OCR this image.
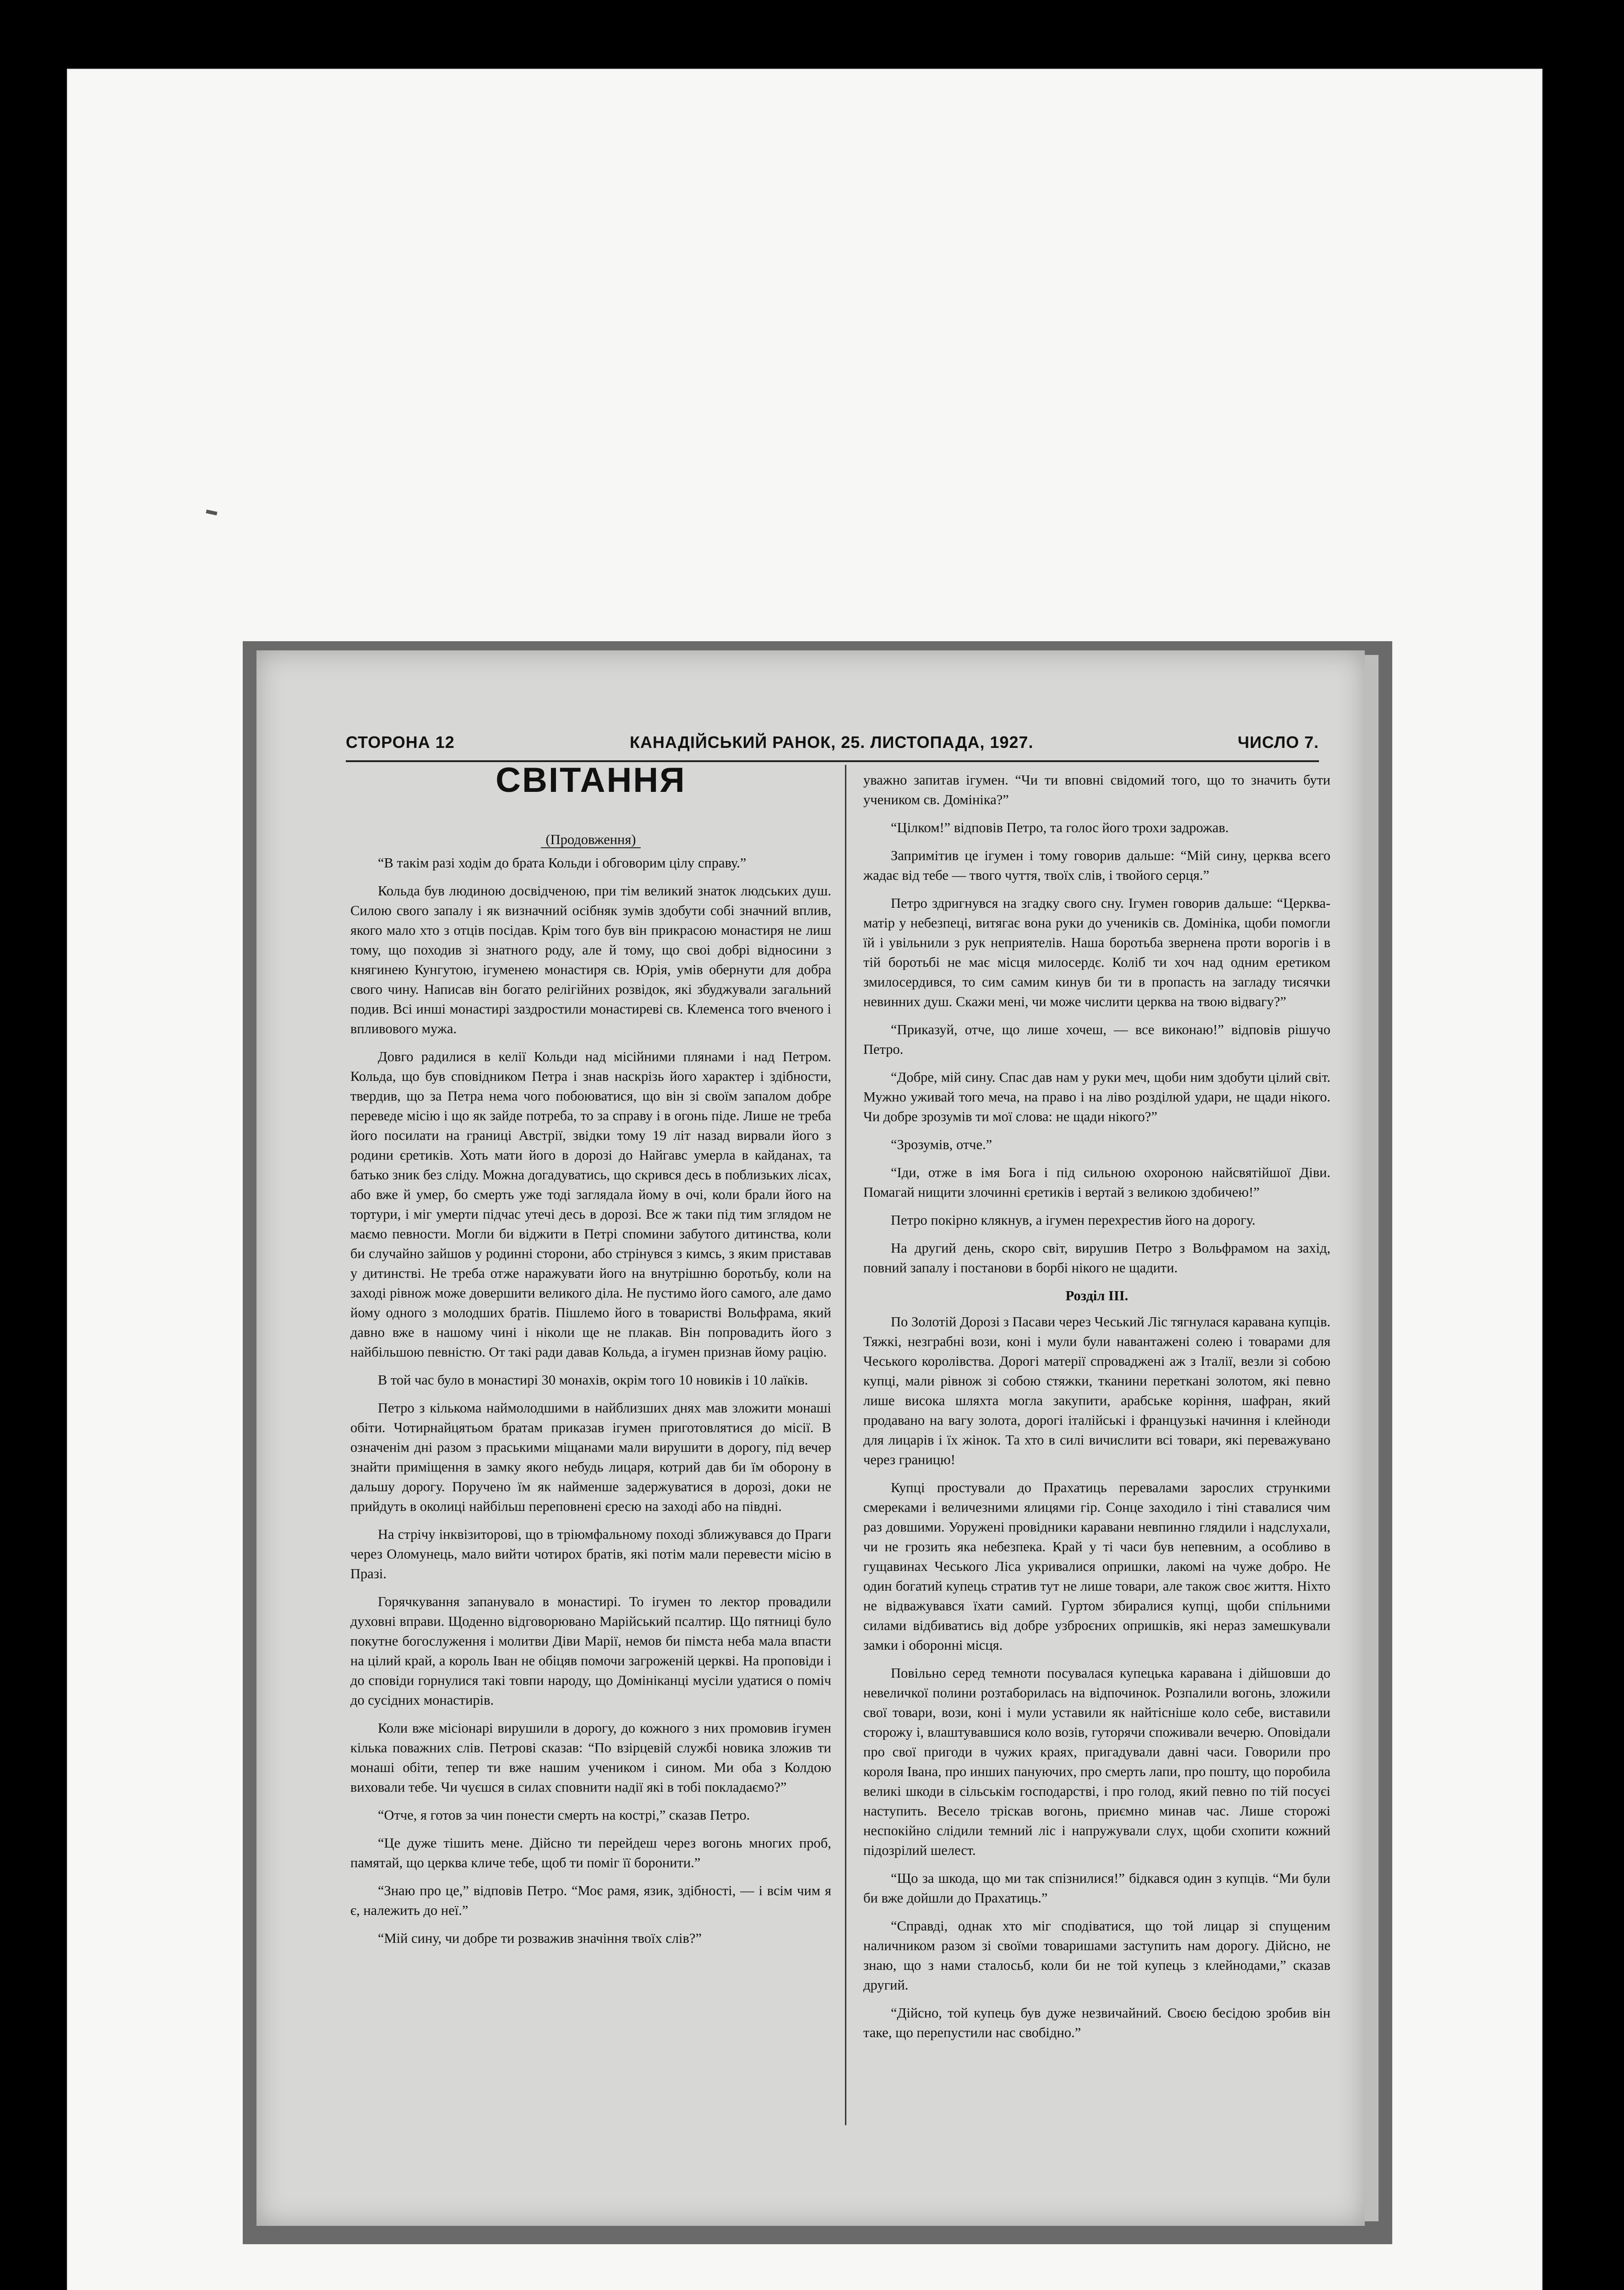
СТОРОНА 12	КАНАДІЙСЬКИЙ РАНОК, 25. ЛИСТОПАДА, 1927.	ЧИСЛО 7.
СВІТАННЯ
(Продовження)

“В такім разі ходім до брата Кольди і обговорим цілу справу.”

Кольда був людиною досвідченою, при тім великий знаток людських душ. Силою свого запалу і як визначний осібняк зумів здобути собі значний вплив, якого мало хто з отців посідав. Крім того був він прикрасою монастиря не лиш тому, що походив зі знатного роду, але й тому, що своі добрі відносини з княгинею Кунгутою, ігуменею монастиря св. Юрія, умів обернути для добра свого чину. Написав він богато релігійних розвідок, які збуджували загальний подив. Всі инші монастирі заздростили монастиреві св. Клеменса того вченого і впливового мужа.

Довго радилися в келії Кольди над місійними плянами і над Петром. Кольда, що був сповідником Петра і знав наскрізь його характер і здібности, твердив, що за Петра нема чого побоюватися, що він зі своїм запалом добре переведе місію і що як зайде потреба, то за справу і в огонь піде. Лише не треба його посилати на границі Австрії, звідки тому 19 літ назад вирвали його з родини єретиків. Хоть мати його в дорозі до Найгавс умерла в кайданах, та батько зник без сліду. Можна догадуватись, що скрився десь в поблизьких лісах, або вже й умер, бо смерть уже тоді заглядала йому в очі, коли брали його на тортури, і міг умерти підчас утечі десь в дорозі. Все ж таки під тим зглядом не маємо певности. Могли би віджити в Петрі спомини забутого дитинства, коли би случайно зайшов у родинні сторони, або стрінувся з кимсь, з яким приставав у дитинстві. Не треба отже наражувати його на внутрішню боротьбу, коли на заході рівнож може довершити великого діла. Не пустимо його самого, але дамо йому одного з молодших братів. Пішлемо його в товаристві Вольфрама, який давно вже в нашому чині і ніколи ще не плакав. Він попровадить його з найбільшою певністю. От такі ради давав Кольда, а ігумен признав йому рацію.

В той час було в монастирі 30 монахів, окрім того 10 новиків і 10 лаїків.

Петро з кількома наймолодшими в найблизших днях мав зложити монаші обіти. Чотирнайцятьом братам приказав ігумен приготовлятися до місії. В означенім дні разом з праськими міщанами мали вирушити в дорогу, під вечер знайти приміщення в замку якого небудь лицаря, котрий дав би їм оборону в дальшу дорогу. Поручено їм як найменше задержуватися в дорозі, доки не прийдуть в околиці найбільш переповнені єресю на заході або на півдні.

На стрічу інквізиторові, що в тріюмфальному поході зближувався до Праги через Оломунець, мало вийти чотирох братів, які потім мали перевести місію в Празі.

Горячкування запанувало в монастирі. То ігумен то лектор провадили духовні вправи. Щоденно відговорювано Марійський псалтир. Що пятниці було покутне богослуження і молитви Діви Марії, немов би пімста неба мала впасти на цілий край, а король Іван не обіцяв помочи загроженій церкві. На проповіди і до сповіди горнулися такі товпи народу, що Домініканці мусіли удатися о поміч до сусідних монастирів.

Коли вже місіонарі вирушили в дорогу, до кожного з них промовив ігумен кілька поважних слів. Петрові сказав: “По взірцевій службі новика зложив ти монаші обіти, тепер ти вже нашим учеником і сином. Ми оба з Колдою виховали тебе. Чи чуєшся в силах сповнити надії які в тобі покладаємо?”

“Отче, я готов за чин понести смерть на кострі,” сказав Петро.

“Це дуже тішить мене. Дійсно ти перейдеш через вогонь многих проб, памятай, що церква кличе тебе, щоб ти поміг її боронити.”

“Знаю про це,” відповів Петро. “Моє рамя, язик, здібності, — і всім чим я є, належить до неї.”

“Мій сину, чи добре ти розважив значіння твоїх слів?”

уважно запитав ігумен. “Чи ти вповні свідомий того, що то значить бути учеником св. Домініка?”

“Цілком!” відповів Петро, та голос його трохи задрожав.

Запримітив це ігумен і тому говорив дальше: “Мій сину, церква всего жадає від тебе — твого чуття, твоїх слів, і твойого серця.”

Петро здригнувся на згадку свого сну. Ігумен говорив дальше: “Церква-матір у небезпеці, витягає вона руки до учеників св. Домініка, щоби помогли їй і увільнили з рук неприятелів. Наша боротьба звернена проти ворогів і в тій боротьбі не має місця милосердє. Коліб ти хоч над одним еретиком змилосердився, то сим самим кинув би ти в пропасть на загладу тисячки невинних душ. Скажи мені, чи може числити церква на твою відвагу?”

“Приказуй, отче, що лише хочеш, — все виконаю!” відповів рішучо Петро.

“Добре, мій сину. Спас дав нам у руки меч, щоби ним здобути цілий світ. Мужно уживай того меча, на право і на ліво розділюй удари, не щади нікого. Чи добре зрозумів ти мої слова: не щади нікого?”

“Зрозумів, отче.”

“Іди, отже в імя Бога і під сильною охороною найсвятійшої Діви. Помагай нищити злочинні єретиків і вертай з великою здобичею!”

Петро покірно клякнув, а ігумен перехрестив його на дорогу.

На другий день, скоро світ, вирушив Петро з Вольфрамом на захід, повний запалу і постанови в борбі нікого не щадити.

Розділ III.

По Золотій Дорозі з Пасави через Чеський Ліс тягнулася каравана купців. Тяжкі, незграбні вози, коні і мули були навантажені солею і товарами для Чеського королівства. Дорогі матерії спроваджені аж з Італії, везли зі собою купці, мали рівнож зі собою стяжки, тканини переткані золотом, які певно лише висока шляхта могла закупити, арабське коріння, шафран, який продавано на вагу золота, дорогі італійські і французькі начиння і клейноди для лицарів і їх жінок. Та хто в силі вичислити всі товари, які переважувано через границю!

Купці простували до Прахатиць перевалами зарослих стрункими смереками і величезними ялицями гір. Сонце заходило і тіні ставалися чим раз довшими. Уоружені провідники каравани невпинно глядили і надслухали, чи не грозить яка небезпека. Край у ті часи був непевним, а особливо в гущавинах Чеського Ліса укривалися опришки, лакомі на чуже добро. Не один богатий купець стратив тут не лише товари, але також своє життя. Ніхто не відважувався їхати самий. Гуртом збиралися купці, щоби спільними силами відбиватись від добре узброєних опришків, які нераз замешкували замки і оборонні місця.

Повільно серед темноти посувалася купецька каравана і дійшовши до невеличкої полини розтаборилась на відпочинок. Розпалили вогонь, зложили свої товари, вози, коні і мули уставили як найтісніше коло себе, виставили сторожу і, влаштувавшися коло возів, гуторячи споживали вечерю. Оповідали про свої пригоди в чужих краях, пригадували давні часи. Говорили про короля Івана, про инших пануючих, про смерть лапи, про пошту, що поробила великі шкоди в сільськім господарстві, і про голод, який певно по тій посуєі наступить. Весело тріскав вогонь, приємно минав час. Лише сторожі неспокійно слідили темний ліс і напружували слух, щоби схопити кожний підозрілий шелест.

“Що за шкода, що ми так спізнилися!” бідкався один з купців. “Ми були би вже дойшли до Прахатиць.”

“Справді, однак хто міг сподіватися, що той лицар зі спущеним наличником разом зі своїми товаришами заступить нам дорогу. Дійсно, не знаю, що з нами сталосьб, коли би не той купець з клейнодами,” сказав другий.

“Дійсно, той купець був дуже незвичайний. Своєю бесідою зробив він таке, що перепустили нас свобідно.”
